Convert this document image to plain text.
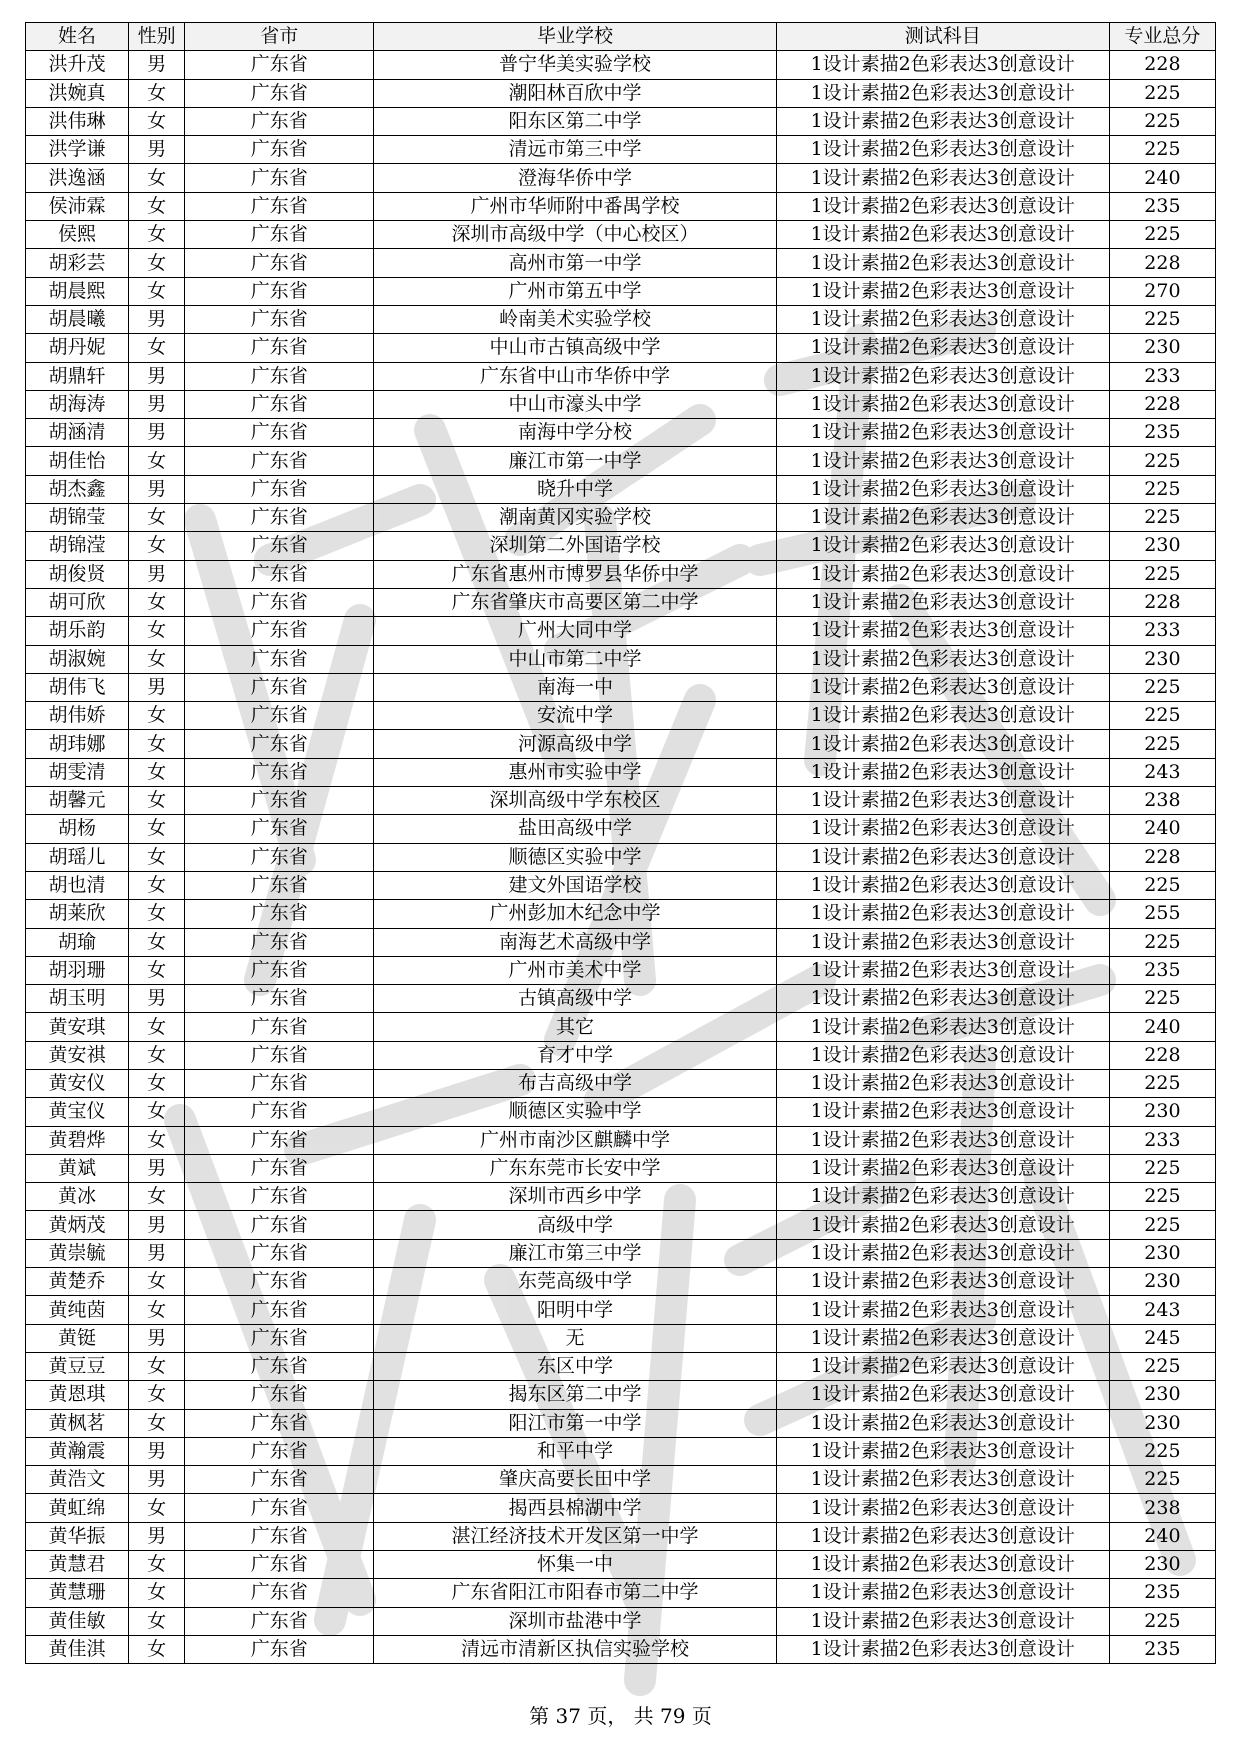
姓名	性别	省市	毕业学校	测试科目	专业总分
洪升茂	男	广东省	普宁华美实验学校	1设计素描2色彩表达3创意设计	228
洪婉真	女	广东省	潮阳林百欣中学	1设计素描2色彩表达3创意设计	225
洪伟琳	女	广东省	阳东区第二中学	1设计素描2色彩表达3创意设计	225
洪学谦	男	广东省	清远市第三中学	1设计素描2色彩表达3创意设计	225
洪逸涵	女	广东省	澄海华侨中学	1设计素描2色彩表达3创意设计	240
侯沛霖	女	广东省	广州市华师附中番禺学校	1设计素描2色彩表达3创意设计	235
侯熙	女	广东省	深圳市高级中学（中心校区）	1设计素描2色彩表达3创意设计	225
胡彩芸	女	广东省	高州市第一中学	1设计素描2色彩表达3创意设计	228
胡晨熙	女	广东省	广州市第五中学	1设计素描2色彩表达3创意设计	270
胡晨曦	男	广东省	岭南美术实验学校	1设计素描2色彩表达3创意设计	225
胡丹妮	女	广东省	中山市古镇高级中学	1设计素描2色彩表达3创意设计	230
胡鼎轩	男	广东省	广东省中山市华侨中学	1设计素描2色彩表达3创意设计	233
胡海涛	男	广东省	中山市濠头中学	1设计素描2色彩表达3创意设计	228
胡涵清	男	广东省	南海中学分校	1设计素描2色彩表达3创意设计	235
胡佳怡	女	广东省	廉江市第一中学	1设计素描2色彩表达3创意设计	225
胡杰鑫	男	广东省	晓升中学	1设计素描2色彩表达3创意设计	225
胡锦莹	女	广东省	潮南黄冈实验学校	1设计素描2色彩表达3创意设计	225
胡锦滢	女	广东省	深圳第二外国语学校	1设计素描2色彩表达3创意设计	230
胡俊贤	男	广东省	广东省惠州市博罗县华侨中学	1设计素描2色彩表达3创意设计	225
胡可欣	女	广东省	广东省肇庆市高要区第二中学	1设计素描2色彩表达3创意设计	228
胡乐韵	女	广东省	广州大同中学	1设计素描2色彩表达3创意设计	233
胡淑婉	女	广东省	中山市第二中学	1设计素描2色彩表达3创意设计	230
胡伟飞	男	广东省	南海一中	1设计素描2色彩表达3创意设计	225
胡伟娇	女	广东省	安流中学	1设计素描2色彩表达3创意设计	225
胡玮娜	女	广东省	河源高级中学	1设计素描2色彩表达3创意设计	225
胡雯清	女	广东省	惠州市实验中学	1设计素描2色彩表达3创意设计	243
胡馨元	女	广东省	深圳高级中学东校区	1设计素描2色彩表达3创意设计	238
胡杨	女	广东省	盐田高级中学	1设计素描2色彩表达3创意设计	240
胡瑶儿	女	广东省	顺德区实验中学	1设计素描2色彩表达3创意设计	228
胡也清	女	广东省	建文外国语学校	1设计素描2色彩表达3创意设计	225
胡莱欣	女	广东省	广州彭加木纪念中学	1设计素描2色彩表达3创意设计	255
胡瑜	女	广东省	南海艺术高级中学	1设计素描2色彩表达3创意设计	225
胡羽珊	女	广东省	广州市美术中学	1设计素描2色彩表达3创意设计	235
胡玉明	男	广东省	古镇高级中学	1设计素描2色彩表达3创意设计	225
黄安琪	女	广东省	其它	1设计素描2色彩表达3创意设计	240
黄安祺	女	广东省	育才中学	1设计素描2色彩表达3创意设计	228
黄安仪	女	广东省	布吉高级中学	1设计素描2色彩表达3创意设计	225
黄宝仪	女	广东省	顺德区实验中学	1设计素描2色彩表达3创意设计	230
黄碧烨	女	广东省	广州市南沙区麒麟中学	1设计素描2色彩表达3创意设计	233
黄斌	男	广东省	广东东莞市长安中学	1设计素描2色彩表达3创意设计	225
黄冰	女	广东省	深圳市西乡中学	1设计素描2色彩表达3创意设计	225
黄炳茂	男	广东省	高级中学	1设计素描2色彩表达3创意设计	225
黄崇毓	男	广东省	廉江市第三中学	1设计素描2色彩表达3创意设计	230
黄楚乔	女	广东省	东莞高级中学	1设计素描2色彩表达3创意设计	230
黄纯茵	女	广东省	阳明中学	1设计素描2色彩表达3创意设计	243
黄铤	男	广东省	无	1设计素描2色彩表达3创意设计	245
黄豆豆	女	广东省	东区中学	1设计素描2色彩表达3创意设计	225
黄恩琪	女	广东省	揭东区第二中学	1设计素描2色彩表达3创意设计	230
黄枫茗	女	广东省	阳江市第一中学	1设计素描2色彩表达3创意设计	230
黄瀚震	男	广东省	和平中学	1设计素描2色彩表达3创意设计	225
黄浩文	男	广东省	肇庆高要长田中学	1设计素描2色彩表达3创意设计	225
黄虹绵	女	广东省	揭西县棉湖中学	1设计素描2色彩表达3创意设计	238
黄华振	男	广东省	湛江经济技术开发区第一中学	1设计素描2色彩表达3创意设计	240
黄慧君	女	广东省	怀集一中	1设计素描2色彩表达3创意设计	230
黄慧珊	女	广东省	广东省阳江市阳春市第二中学	1设计素描2色彩表达3创意设计	235
黄佳敏	女	广东省	深圳市盐港中学	1设计素描2色彩表达3创意设计	225
黄佳淇	女	广东省	清远市清新区执信实验学校	1设计素描2色彩表达3创意设计	235
第 37 页， 共 79 页
